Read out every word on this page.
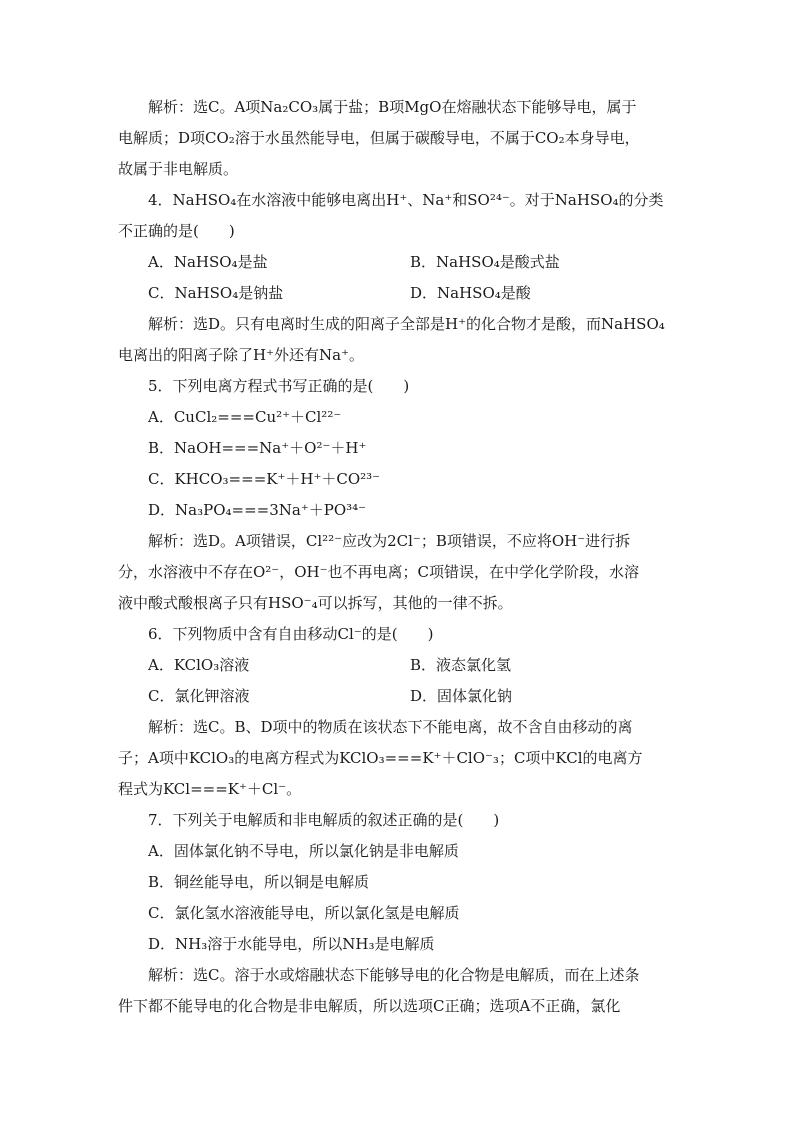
解析：选C。A项Na₂CO₃属于盐；B项MgO在熔融状态下能够导电，属于
电解质；D项CO₂溶于水虽然能导电，但属于碳酸导电，不属于CO₂本身导电，
故属于非电解质。
4．NaHSO₄在水溶液中能够电离出H⁺、Na⁺和SO²⁴⁻。对于NaHSO₄的分类
不正确的是(　　)
A．NaHSO₄是盐	B．NaHSO₄是酸式盐
C．NaHSO₄是钠盐	D．NaHSO₄是酸
解析：选D。只有电离时生成的阳离子全部是H⁺的化合物才是酸，而NaHSO₄
电离出的阳离子除了H⁺外还有Na⁺。
5．下列电离方程式书写正确的是(　　)
A．CuCl₂===Cu²⁺＋Cl²²⁻
B．NaOH===Na⁺＋O²⁻＋H⁺
C．KHCO₃===K⁺＋H⁺＋CO²³⁻
D．Na₃PO₄===3Na⁺＋PO³⁴⁻
解析：选D。A项错误，Cl²²⁻应改为2Cl⁻；B项错误，不应将OH⁻进行拆
分，水溶液中不存在O²⁻，OH⁻也不再电离；C项错误，在中学化学阶段，水溶
液中酸式酸根离子只有HSO⁻₄可以拆写，其他的一律不拆。
6．下列物质中含有自由移动Cl⁻的是(　　)
A．KClO₃溶液	B．液态氯化氢
C．氯化钾溶液	D．固体氯化钠
解析：选C。B、D项中的物质在该状态下不能电离，故不含自由移动的离
子；A项中KClO₃的电离方程式为KClO₃===K⁺＋ClO⁻₃；C项中KCl的电离方
程式为KCl===K⁺＋Cl⁻。
7．下列关于电解质和非电解质的叙述正确的是(　　)
A．固体氯化钠不导电，所以氯化钠是非电解质
B．铜丝能导电，所以铜是电解质
C．氯化氢水溶液能导电，所以氯化氢是电解质
D．NH₃溶于水能导电，所以NH₃是电解质
解析：选C。溶于水或熔融状态下能够导电的化合物是电解质，而在上述条
件下都不能导电的化合物是非电解质，所以选项C正确；选项A不正确，氯化
